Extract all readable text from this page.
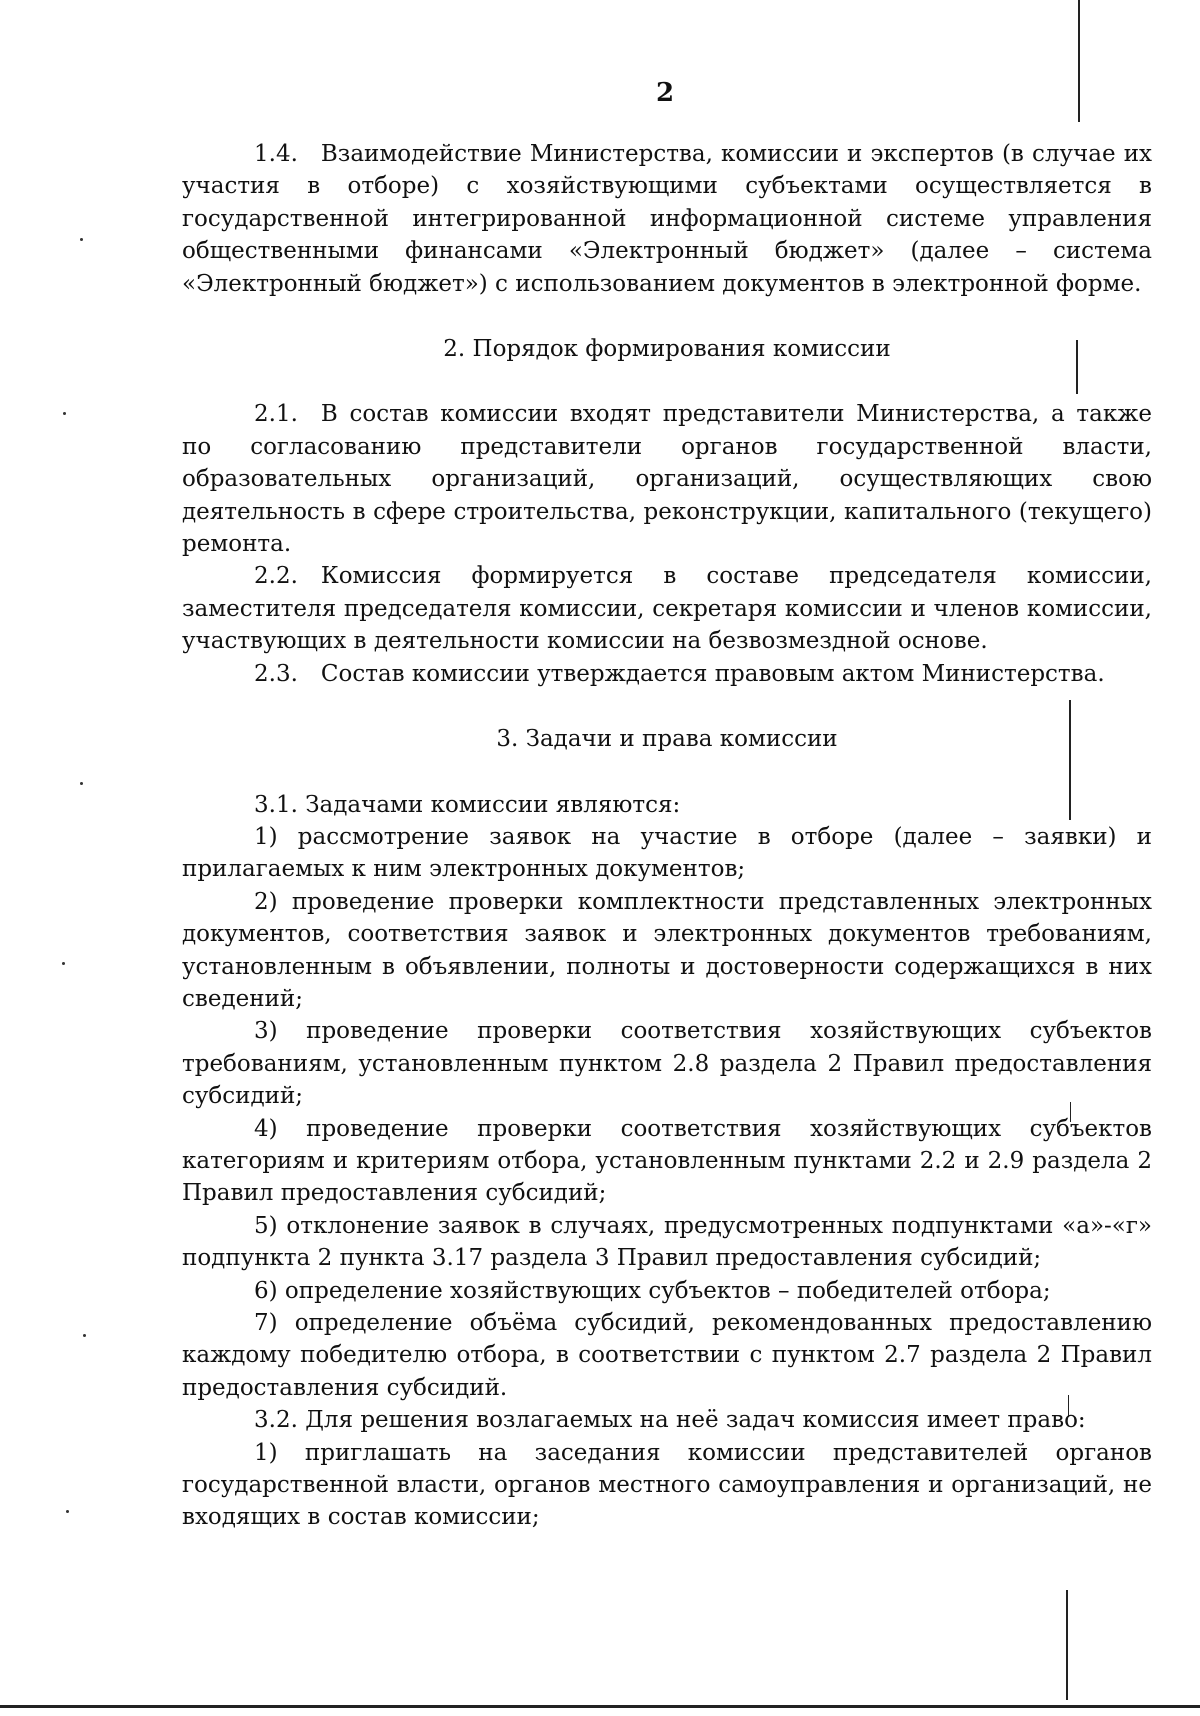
2

1.4. Взаимодействие Министерства, комиссии и экспертов (в случае их участия в отборе) с хозяйствующими субъектами осуществляется в государственной интегрированной информационной системе управления общественными финансами «Электронный бюджет» (далее – система «Электронный бюджет») с использованием документов в электронной форме.

2. Порядок формирования комиссии

2.1. В состав комиссии входят представители Министерства, а также по согласованию представители органов государственной власти, образовательных организаций, организаций, осуществляющих свою деятельность в сфере строительства, реконструкции, капитального (текущего) ремонта.

2.2. Комиссия формируется в составе председателя комиссии, заместителя председателя комиссии, секретаря комиссии и членов комиссии, участвующих в деятельности комиссии на безвозмездной основе.

2.3. Состав комиссии утверждается правовым актом Министерства.

3. Задачи и права комиссии

3.1. Задачами комиссии являются:

1) рассмотрение заявок на участие в отборе (далее – заявки) и прилагаемых к ним электронных документов;

2) проведение проверки комплектности представленных электронных документов, соответствия заявок и электронных документов требованиям, установленным в объявлении, полноты и достоверности содержащихся в них сведений;

3) проведение проверки соответствия хозяйствующих субъектов требованиям, установленным пунктом 2.8 раздела 2 Правил предоставления субсидий;

4) проведение проверки соответствия хозяйствующих субъектов категориям и критериям отбора, установленным пунктами 2.2 и 2.9 раздела 2 Правил предоставления субсидий;

5) отклонение заявок в случаях, предусмотренных подпунктами «а»-«г» подпункта 2 пункта 3.17 раздела 3 Правил предоставления субсидий;

6) определение хозяйствующих субъектов – победителей отбора;

7) определение объёма субсидий, рекомендованных предоставлению каждому победителю отбора, в соответствии с пунктом 2.7 раздела 2 Правил предоставления субсидий.

3.2. Для решения возлагаемых на неё задач комиссия имеет право:

1) приглашать на заседания комиссии представителей органов государственной власти, органов местного самоуправления и организаций, не входящих в состав комиссии;
